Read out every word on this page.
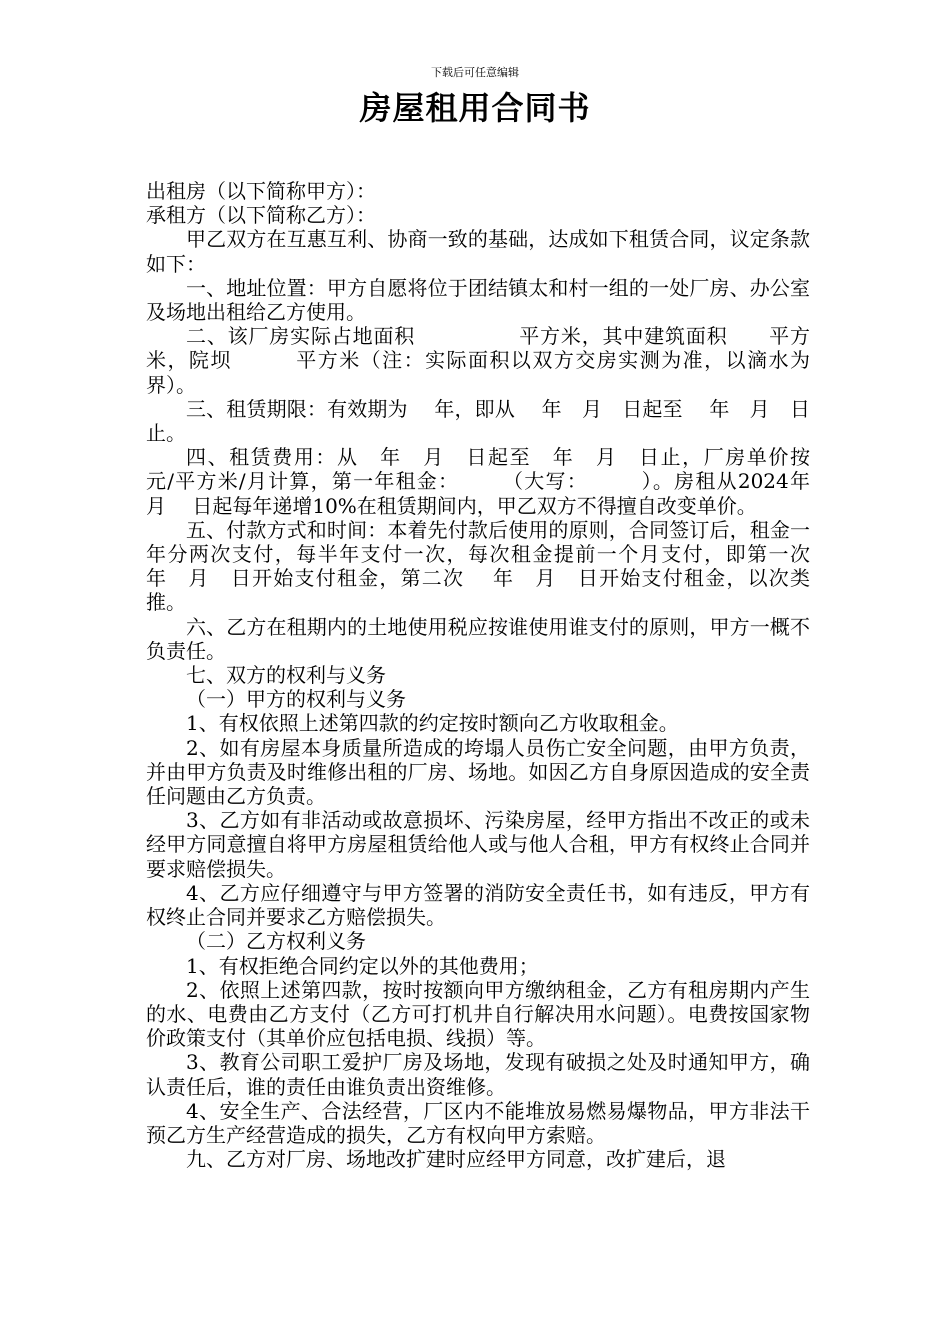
下载后可任意编辑
房屋租用合同书

出租房（以下简称甲方）：

承租方（以下简称乙方）：

甲乙双方在互惠互利、协商一致的基础，达成如下租赁合同，议定条款如下：

一、地址位置：甲方自愿将位于团结镇太和村一组的一处厂房、办公室及场地出租给乙方使用。

二、该厂房实际占地面积　　　　　平方米，其中建筑面积　　平方米，院坝　　　平方米（注：实际面积以双方交房实测为准，以滴水为界）。

三、租赁期限：有效期为　 年，即从　 年　月　日起至　 年　月　日止。

四、租赁费用：从　年　月　日起至　年　月　日止，厂房单价按　元/平方米/月计算，第一年租金：　　　（大写：　　　）。房租从2024年　 月　 日起每年递增10%在租赁期间内，甲乙双方不得擅自改变单价。

五、付款方式和时间：本着先付款后使用的原则，合同签订后，租金一年分两次支付，每半年支付一次，每次租金提前一个月支付，即第一次　 年　月　日开始支付租金，第二次　 年　月　日开始支付租金，以次类推。

六、乙方在租期内的土地使用税应按谁使用谁支付的原则，甲方一概不负责任。

七、双方的权利与义务

（一）甲方的权利与义务

1、有权依照上述第四款的约定按时额向乙方收取租金。

2、如有房屋本身质量所造成的垮塌人员伤亡安全问题，由甲方负责，并由甲方负责及时维修出租的厂房、场地。如因乙方自身原因造成的安全责任问题由乙方负责。

3、乙方如有非活动或故意损坏、污染房屋，经甲方指出不改正的或未经甲方同意擅自将甲方房屋租赁给他人或与他人合租，甲方有权终止合同并要求赔偿损失。

4、乙方应仔细遵守与甲方签署的消防安全责任书，如有违反，甲方有权终止合同并要求乙方赔偿损失。

（二）乙方权利义务

1、有权拒绝合同约定以外的其他费用；

2、依照上述第四款，按时按额向甲方缴纳租金，乙方有租房期内产生的水、电费由乙方支付（乙方可打机井自行解决用水问题）。电费按国家物价政策支付（其单价应包括电损、线损）等。

3、教育公司职工爱护厂房及场地，发现有破损之处及时通知甲方，确认责任后，谁的责任由谁负责出资维修。

4、安全生产、合法经营，厂区内不能堆放易燃易爆物品，甲方非法干预乙方生产经营造成的损失，乙方有权向甲方索赔。

九、乙方对厂房、场地改扩建时应经甲方同意，改扩建后，退
